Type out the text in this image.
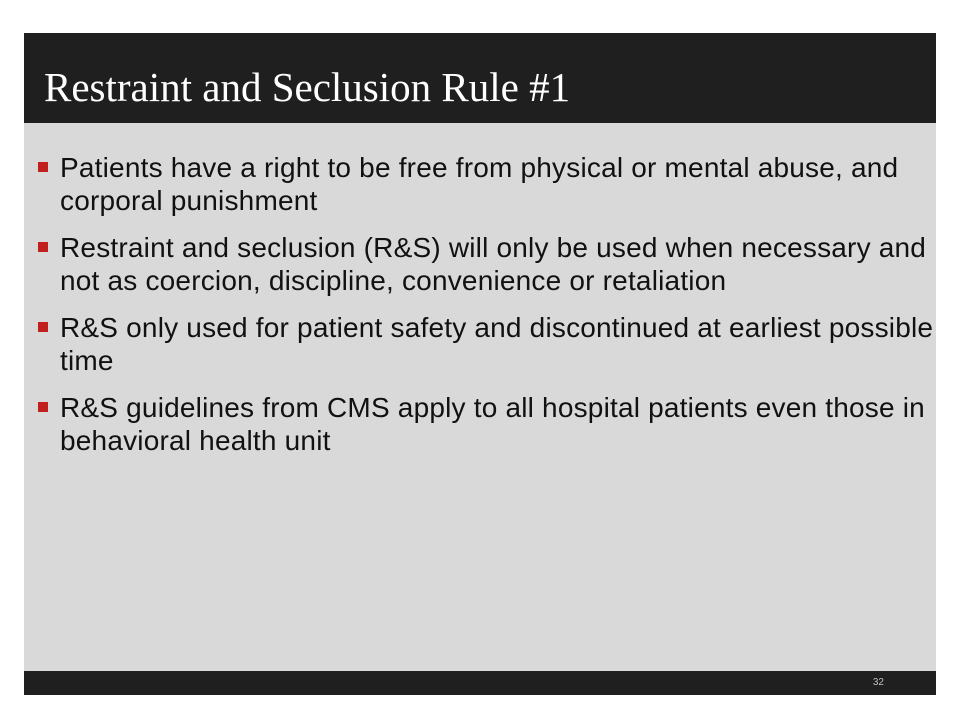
Restraint and Seclusion Rule #1
Patients have a right to be free from physical or mental abuse, and corporal punishment
Restraint and seclusion (R&S) will only be used when necessary and not as coercion, discipline, convenience or retaliation
R&S only used for patient safety and discontinued at earliest possible time
R&S guidelines from CMS apply to all hospital patients even those in behavioral health unit
32
